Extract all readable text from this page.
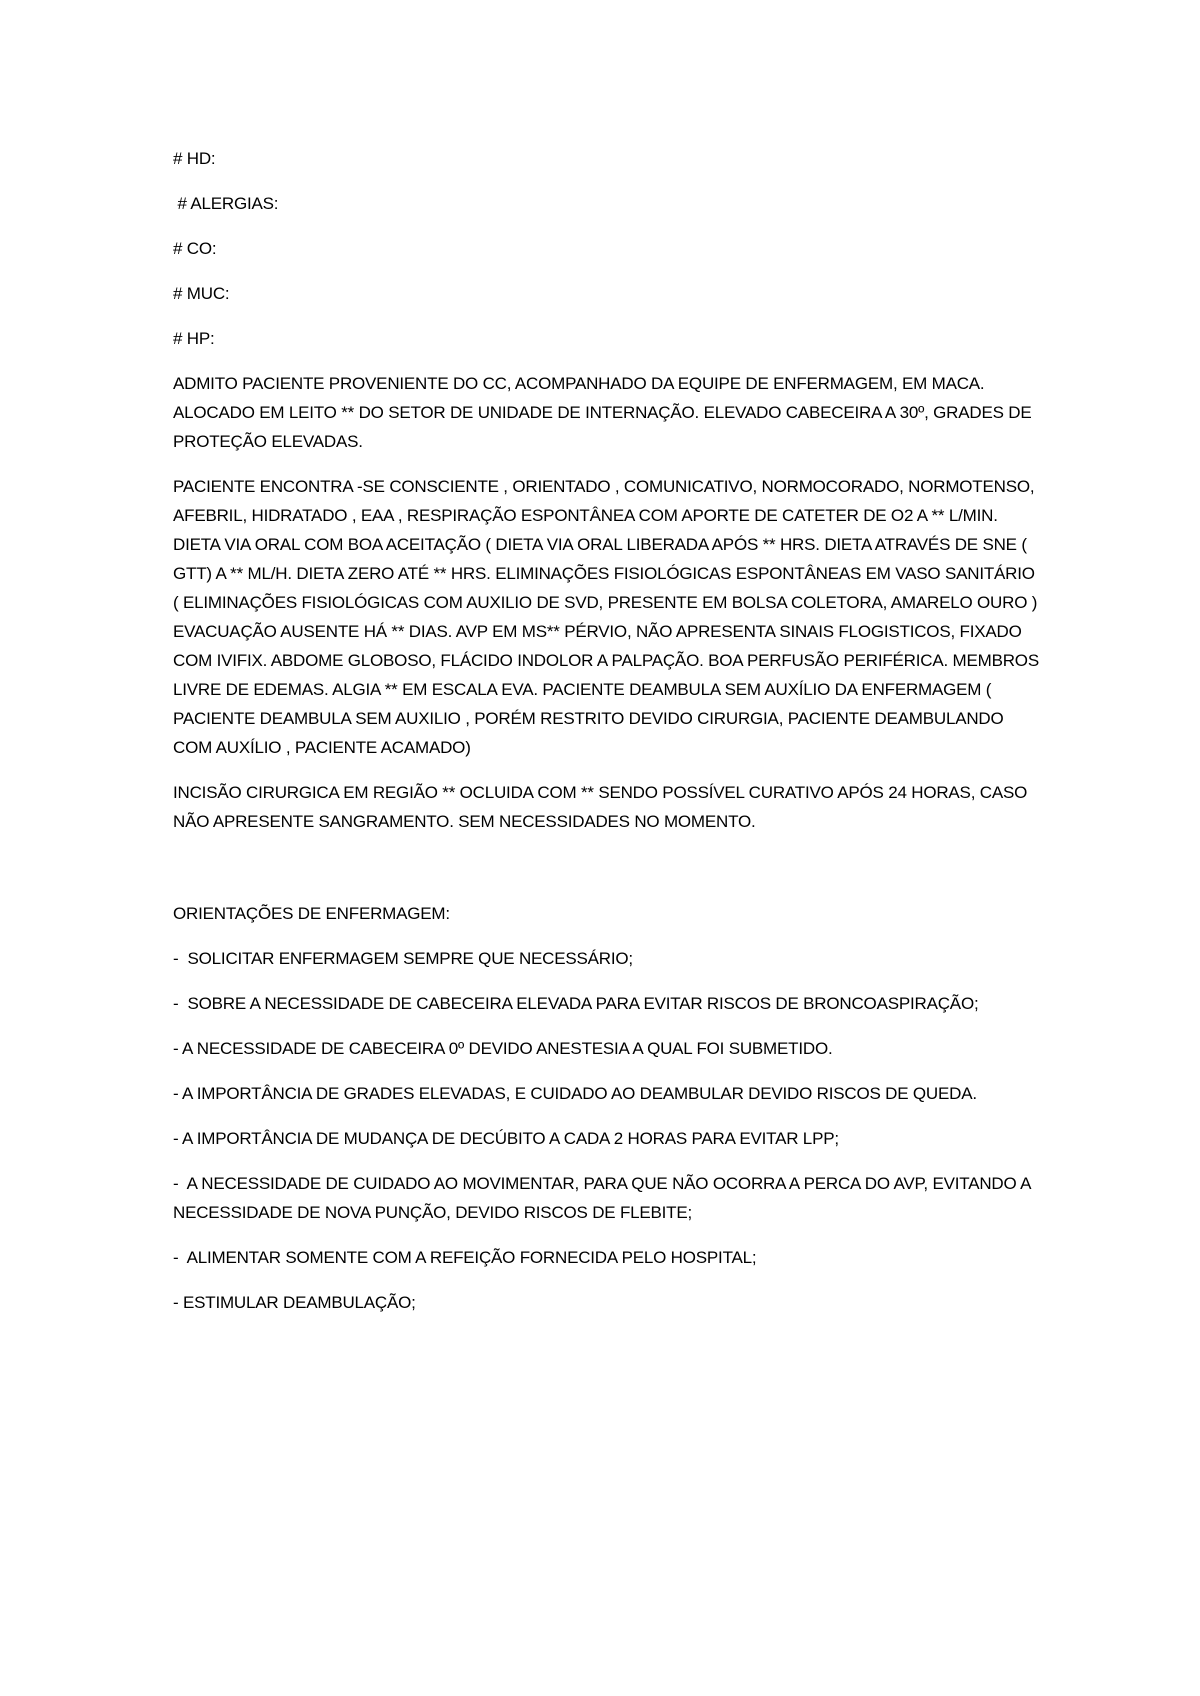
# HD:

# ALERGIAS:

# CO:

# MUC:

# HP:

ADMITO PACIENTE PROVENIENTE DO CC, ACOMPANHADO DA EQUIPE DE ENFERMAGEM, EM MACA. ALOCADO EM LEITO ** DO SETOR DE UNIDADE DE INTERNAÇÃO. ELEVADO CABECEIRA A 30º, GRADES DE PROTEÇÃO ELEVADAS.

PACIENTE ENCONTRA -SE CONSCIENTE , ORIENTADO , COMUNICATIVO, NORMOCORADO, NORMOTENSO, AFEBRIL, HIDRATADO , EAA , RESPIRAÇÃO ESPONTÂNEA COM APORTE DE CATETER DE O2 A ** L/MIN. DIETA VIA ORAL COM BOA ACEITAÇÃO ( DIETA VIA ORAL LIBERADA APÓS ** HRS. DIETA ATRAVÉS DE SNE ( GTT) A ** ML/H. DIETA ZERO ATÉ ** HRS. ELIMINAÇÕES FISIOLÓGICAS ESPONTÂNEAS EM VASO SANITÁRIO ( ELIMINAÇÕES FISIOLÓGICAS COM AUXILIO DE SVD, PRESENTE EM BOLSA COLETORA, AMARELO OURO ) EVACUAÇÃO AUSENTE HÁ ** DIAS. AVP EM MS** PÉRVIO, NÃO APRESENTA SINAIS FLOGISTICOS, FIXADO COM IVIFIX. ABDOME GLOBOSO, FLÁCIDO INDOLOR A PALPAÇÃO. BOA PERFUSÃO PERIFÉRICA. MEMBROS LIVRE DE EDEMAS. ALGIA ** EM ESCALA EVA. PACIENTE DEAMBULA SEM AUXÍLIO DA ENFERMAGEM ( PACIENTE DEAMBULA SEM AUXILIO , PORÉM RESTRITO DEVIDO CIRURGIA, PACIENTE DEAMBULANDO COM AUXÍLIO , PACIENTE ACAMADO)

INCISÃO CIRURGICA EM REGIÃO ** OCLUIDA COM ** SENDO POSSÍVEL CURATIVO APÓS 24 HORAS, CASO NÃO APRESENTE SANGRAMENTO. SEM NECESSIDADES NO MOMENTO.

ORIENTAÇÕES DE ENFERMAGEM:

-  SOLICITAR ENFERMAGEM SEMPRE QUE NECESSÁRIO;

-  SOBRE A NECESSIDADE DE CABECEIRA ELEVADA PARA EVITAR RISCOS DE BRONCOASPIRAÇÃO;

- A NECESSIDADE DE CABECEIRA 0º DEVIDO ANESTESIA A QUAL FOI SUBMETIDO.

- A IMPORTÂNCIA DE GRADES ELEVADAS, E CUIDADO AO DEAMBULAR DEVIDO RISCOS DE QUEDA.

- A IMPORTÂNCIA DE MUDANÇA DE DECÚBITO A CADA 2 HORAS PARA EVITAR LPP;

-  A NECESSIDADE DE CUIDADO AO MOVIMENTAR, PARA QUE NÃO OCORRA A PERCA DO AVP, EVITANDO A NECESSIDADE DE NOVA PUNÇÃO, DEVIDO RISCOS DE FLEBITE;

-  ALIMENTAR SOMENTE COM A REFEIÇÃO FORNECIDA PELO HOSPITAL;

- ESTIMULAR DEAMBULAÇÃO;
